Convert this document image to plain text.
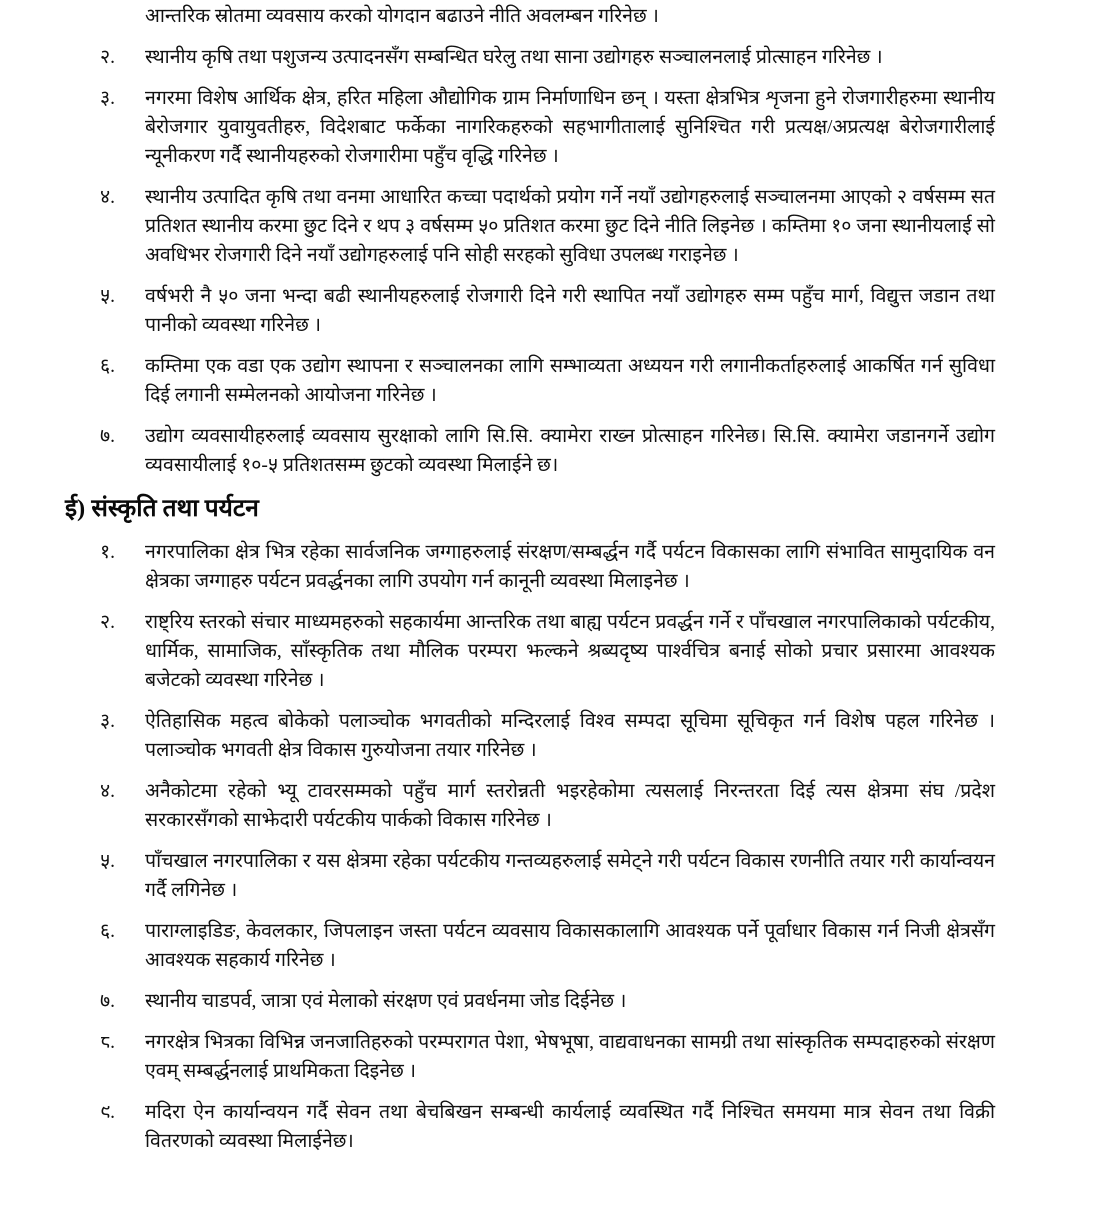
आन्तरिक स्रोतमा व्यवसाय करको योगदान बढाउने नीति अवलम्बन गरिनेछ ।
२.	स्थानीय कृषि तथा पशुजन्य उत्पादनसँग सम्बन्धित घरेलु तथा साना उद्योगहरु सञ्चालनलाई प्रोत्साहन गरिनेछ ।
३.	नगरमा विशेष आर्थिक क्षेत्र, हरित महिला औद्योगिक ग्राम निर्माणाधिन छन् । यस्ता क्षेत्रभित्र शृजना हुने रोजगारीहरुमा स्थानीय बेरोजगार युवायुवतीहरु, विदेशबाट फर्केका नागरिकहरुको सहभागीतालाई सुनिश्चित गरी प्रत्यक्ष/अप्रत्यक्ष बेरोजगारीलाई न्यूनीकरण गर्दै स्थानीयहरुको रोजगारीमा पहुँच वृद्धि गरिनेछ ।
४.	स्थानीय उत्पादित कृषि तथा वनमा आधारित कच्चा पदार्थको प्रयोग गर्ने नयाँ उद्योगहरुलाई सञ्चालनमा आएको २ वर्षसम्म सत प्रतिशत स्थानीय करमा छुट दिने र थप ३ वर्षसम्म ५० प्रतिशत करमा छुट दिने नीति लिइनेछ । कम्तिमा १० जना स्थानीयलाई सो अवधिभर रोजगारी दिने नयाँ उद्योगहरुलाई पनि सोही सरहको सुविधा उपलब्ध गराइनेछ ।
५.	वर्षभरी नै ५० जना भन्दा बढी स्थानीयहरुलाई रोजगारी दिने गरी स्थापित नयाँ उद्योगहरु सम्म पहुँच मार्ग, विद्युत्त जडान तथा पानीको व्यवस्था गरिनेछ ।
६.	कम्तिमा एक वडा एक उद्योग स्थापना र सञ्चालनका लागि सम्भाव्यता अध्ययन गरी लगानीकर्ताहरुलाई आकर्षित गर्न सुविधा दिई लगानी सम्मेलनको आयोजना गरिनेछ ।
७.	उद्योग व्यवसायीहरुलाई व्यवसाय सुरक्षाको लागि सि.सि. क्यामेरा राख्न प्रोत्साहन गरिनेछ। सि.सि. क्यामेरा जडानगर्ने उद्योग व्यवसायीलाई १०-५ प्रतिशतसम्म छुटको व्यवस्था मिलाईने छ।
ई) संस्कृति तथा पर्यटन
१.	नगरपालिका क्षेत्र भित्र रहेका सार्वजनिक जग्गाहरुलाई संरक्षण/सम्बर्द्धन गर्दै पर्यटन विकासका लागि संभावित सामुदायिक वन क्षेत्रका जग्गाहरु पर्यटन प्रवर्द्धनका लागि उपयोग गर्न कानूनी व्यवस्था मिलाइनेछ ।
२.	राष्ट्रिय स्तरको संचार माध्यमहरुको सहकार्यमा आन्तरिक तथा बाह्य पर्यटन प्रवर्द्धन गर्ने र पाँचखाल नगरपालिकाको पर्यटकीय, धार्मिक, सामाजिक, साँस्कृतिक तथा मौलिक परम्परा झल्कने श्रब्यदृष्य पार्श्वचित्र बनाई सोको प्रचार प्रसारमा आवश्यक बजेटको व्यवस्था गरिनेछ ।
३.	ऐतिहासिक महत्व बोकेको पलाञ्चोक भगवतीको मन्दिरलाई विश्व सम्पदा सूचिमा सूचिकृत गर्न विशेष पहल गरिनेछ । पलाञ्चोक भगवती क्षेत्र विकास गुरुयोजना तयार गरिनेछ ।
४.	अनैकोटमा रहेको भ्यू टावरसम्मको पहुँच मार्ग स्तरोन्नती भइरहेकोमा त्यसलाई निरन्तरता दिई त्यस क्षेत्रमा संघ /प्रदेश सरकारसँगको साझेदारी पर्यटकीय पार्कको विकास गरिनेछ ।
५.	पाँचखाल नगरपालिका र यस क्षेत्रमा रहेका पर्यटकीय गन्तव्यहरुलाई समेट्ने गरी पर्यटन विकास रणनीति तयार गरी कार्यान्वयन गर्दै लगिनेछ ।
६.	पाराग्लाइडिङ, केवलकार, जिपलाइन जस्ता पर्यटन व्यवसाय विकासकालागि आवश्यक पर्ने पूर्वाधार विकास गर्न निजी क्षेत्रसँग आवश्यक सहकार्य गरिनेछ ।
७.	स्थानीय चाडपर्व, जात्रा एवं मेलाको संरक्षण एवं प्रवर्धनमा जोड दिईनेछ ।
८.	नगरक्षेत्र भित्रका विभिन्न जनजातिहरुको परम्परागत पेशा, भेषभूषा, वाद्यवाधनका सामग्री तथा सांस्कृतिक सम्पदाहरुको संरक्षण एवम् सम्बर्द्धनलाई प्राथमिकता दिइनेछ ।
९.	मदिरा ऐन कार्यान्वयन गर्दै सेवन तथा बेचबिखन सम्बन्धी कार्यलाई व्यवस्थित गर्दै निश्चित समयमा मात्र सेवन तथा विक्री वितरणको व्यवस्था मिलाईनेछ।
